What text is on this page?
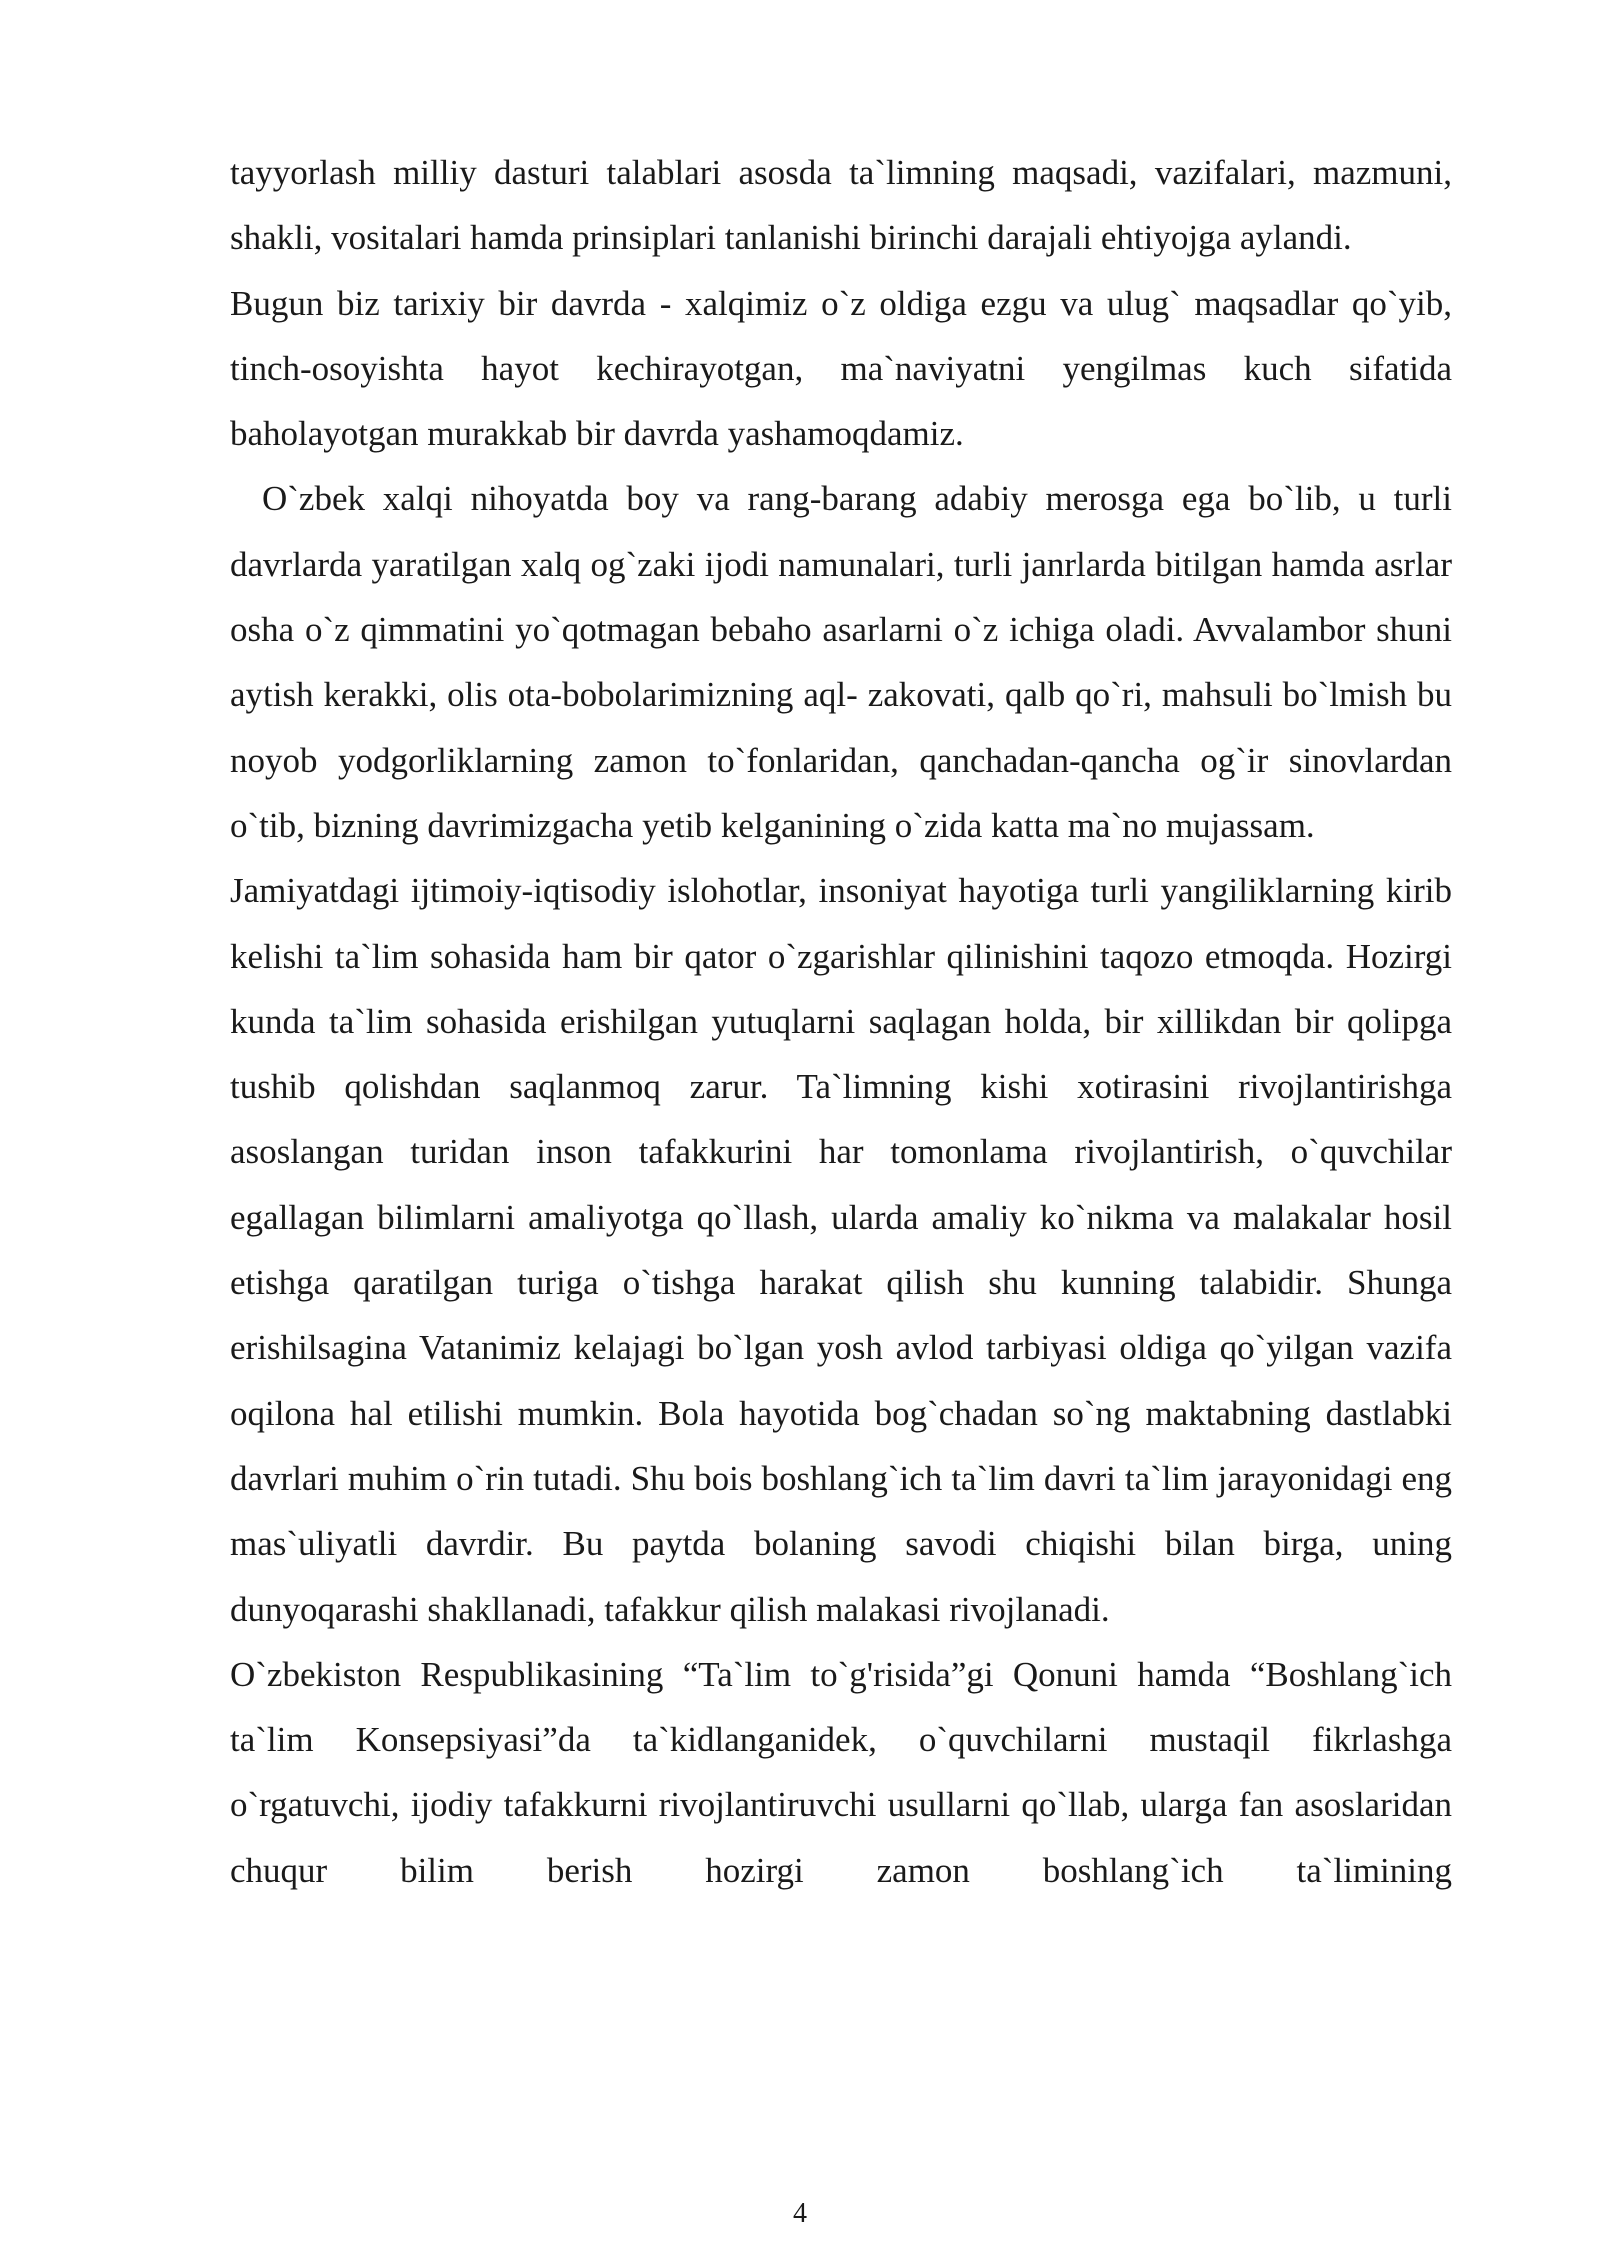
tayyorlash milliy dasturi talablari asosda ta`limning maqsadi, vazifalari, mazmuni, shakli, vositalari hamda prinsiplari tanlanishi birinchi darajali ehtiyojga aylandi.

Bugun biz tarixiy bir davrda - xalqimiz o`z oldiga ezgu va ulug` maqsadlar qo`yib, tinch-osoyishta hayot kechirayotgan, ma`naviyatni yengilmas kuch sifatida baholayotgan murakkab bir davrda yashamoqdamiz.

O`zbek xalqi nihoyatda boy va rang-barang adabiy merosga ega bo`lib, u turli davrlarda yaratilgan xalq og`zaki ijodi namunalari, turli janrlarda bitilgan hamda asrlar osha o`z qimmatini yo`qotmagan bebaho asarlarni o`z ichiga oladi. Avvalambor shuni aytish kerakki, olis ota-bobolarimizning aql- zakovati, qalb qo`ri, mahsuli bo`lmish bu noyob yodgorliklarning zamon to`fonlaridan, qanchadan-qancha og`ir sinovlardan o`tib, bizning davrimizgacha yetib kelganining o`zida katta ma`no mujassam.

Jamiyatdagi ijtimoiy-iqtisodiy islohotlar, insoniyat hayotiga turli yangiliklarning kirib kelishi ta`lim sohasida ham bir qator o`zgarishlar qilinishini taqozo etmoqda. Hozirgi kunda ta`lim sohasida erishilgan yutuqlarni saqlagan holda, bir xillikdan bir qolipga tushib qolishdan saqlanmoq zarur. Ta`limning kishi xotirasini rivojlantirishga asoslangan turidan inson tafakkurini har tomonlama rivojlantirish, o`quvchilar egallagan bilimlarni amaliyotga qo`llash, ularda amaliy ko`nikma va malakalar hosil etishga qaratilgan turiga o`tishga harakat qilish shu kunning talabidir. Shunga erishilsagina Vatanimiz kelajagi bo`lgan yosh avlod tarbiyasi oldiga qo`yilgan vazifa oqilona hal etilishi mumkin. Bola hayotida bog`chadan so`ng maktabning dastlabki davrlari muhim o`rin tutadi. Shu bois boshlang`ich ta`lim davri ta`lim jarayonidagi eng mas`uliyatli davrdir. Bu paytda bolaning savodi chiqishi bilan birga, uning dunyoqarashi shakllanadi, tafakkur qilish malakasi rivojlanadi.

O`zbekiston Respublikasining “Ta`lim to`g'risida”gi Qonuni hamda “Boshlang`ich ta`lim Konsepsiyasi”da ta`kidlanganidek, o`quvchilarni mustaqil fikrlashga o`rgatuvchi, ijodiy tafakkurni rivojlantiruvchi usullarni qo`llab, ularga fan asoslaridan chuqur bilim berish hozirgi zamon boshlang`ich ta`limining

4
